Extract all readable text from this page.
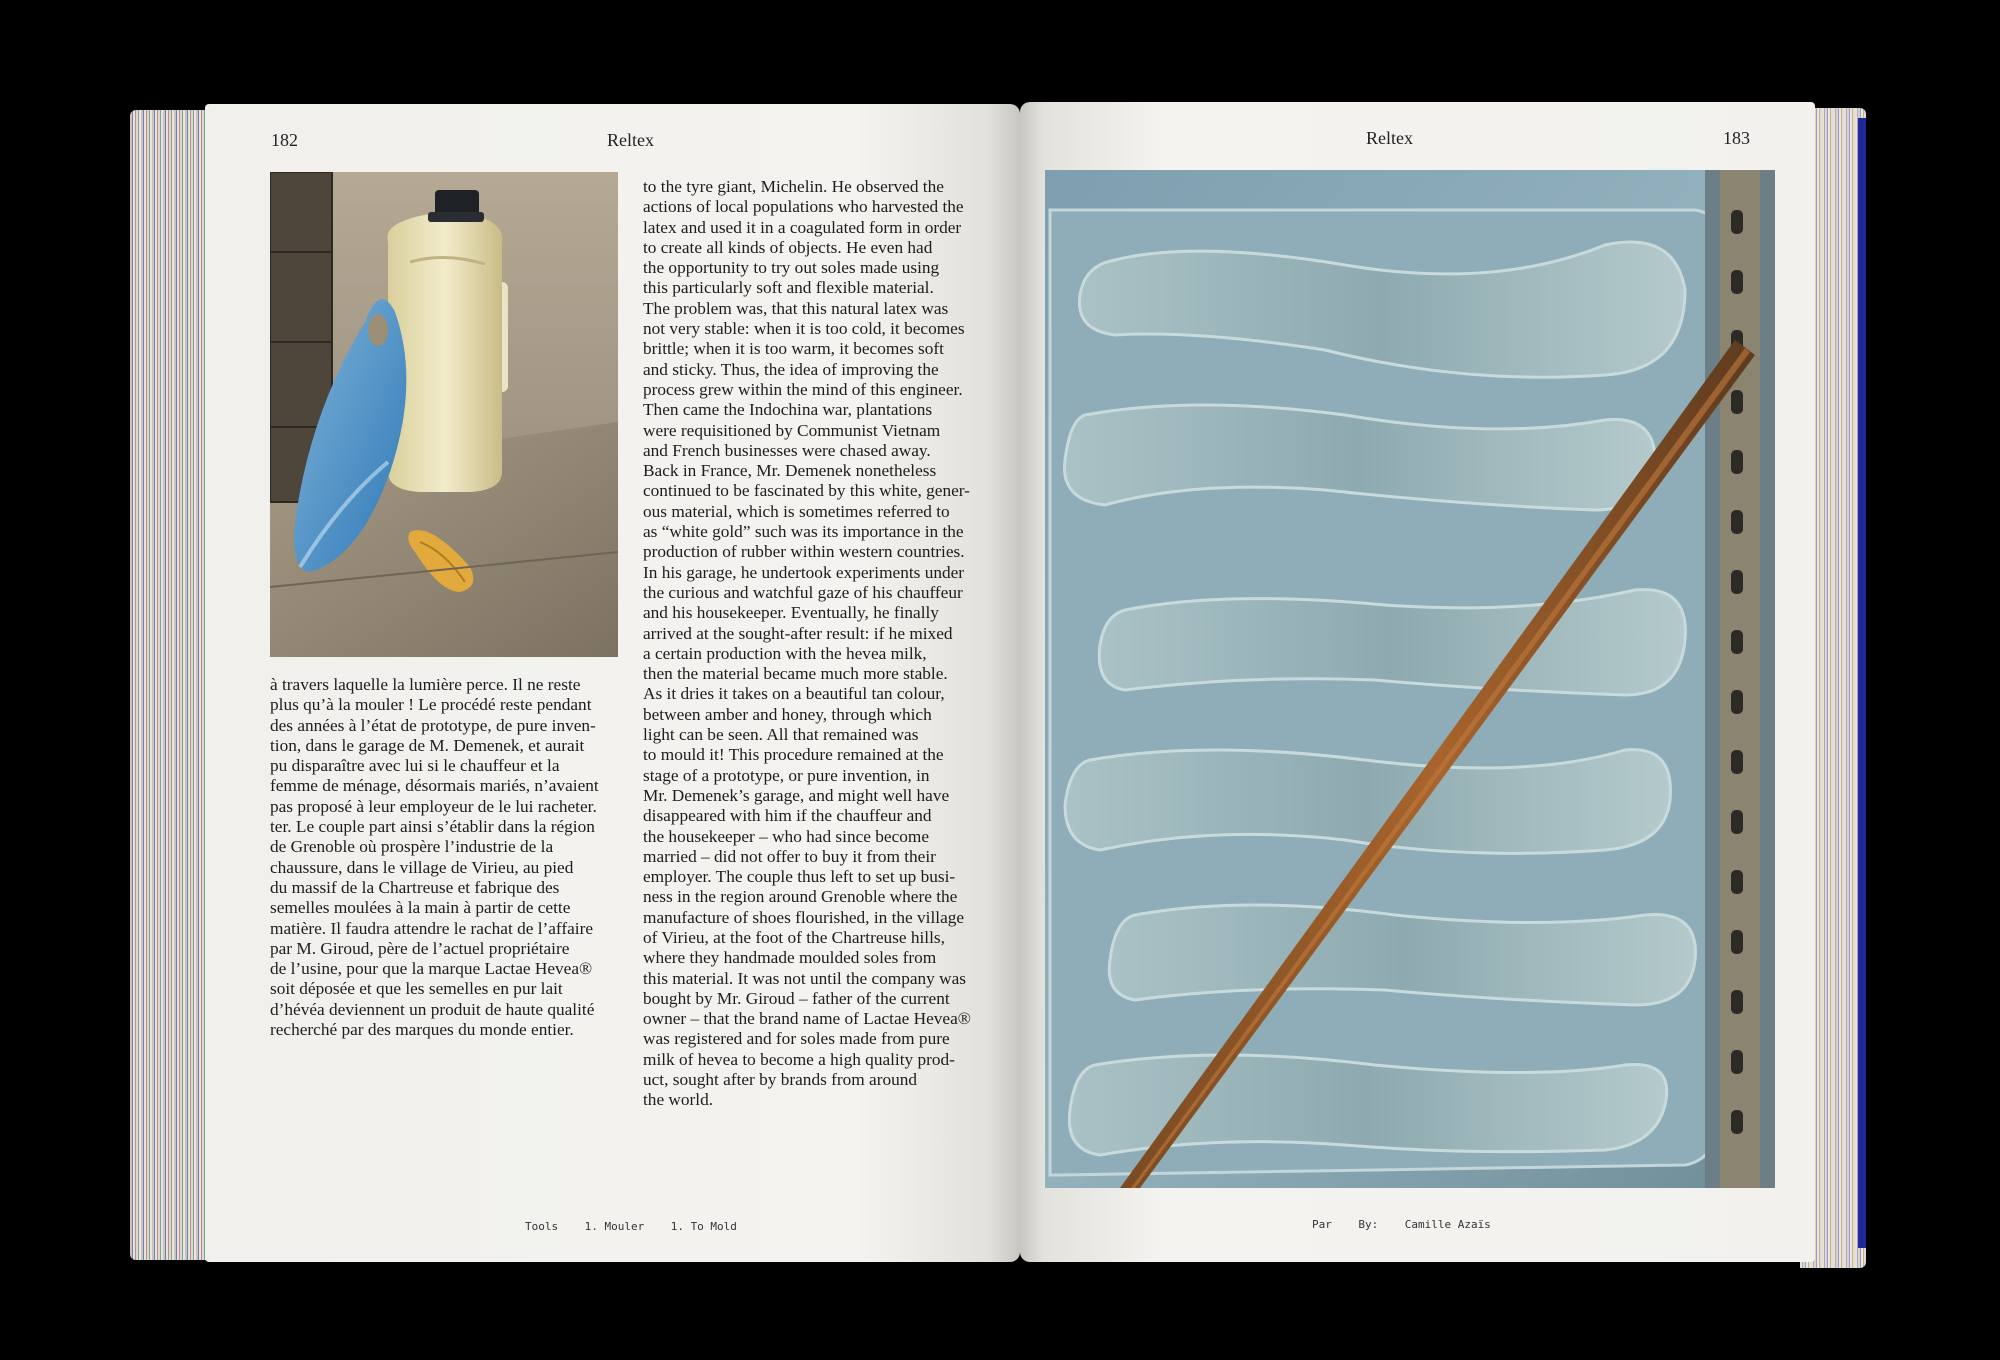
182	Reltex
à travers laquelle la lumière perce. Il ne reste
plus qu’à la mouler ! Le procédé reste pendant
des années à l’état de prototype, de pure inven-
tion, dans le garage de M. Demenek, et aurait
pu disparaître avec lui si le chauffeur et la
femme de ménage, désormais mariés, n’avaient
pas proposé à leur employeur de le lui racheter.
ter. Le couple part ainsi s’établir dans la région
de Grenoble où prospère l’industrie de la
chaussure, dans le village de Virieu, au pied
du massif de la Chartreuse et fabrique des
semelles moulées à la main à partir de cette
matière. Il faudra attendre le rachat de l’affaire
par M. Giroud, père de l’actuel propriétaire
de l’usine, pour que la marque Lactae Hevea®
soit déposée et que les semelles en pur lait
d’hévéa deviennent un produit de haute qualité
recherché par des marques du monde entier.
to the tyre giant, Michelin. He observed the
actions of local populations who harvested the
latex and used it in a coagulated form in order
to create all kinds of objects. He even had
the opportunity to try out soles made using
this particularly soft and flexible material.
The problem was, that this natural latex was
not very stable: when it is too cold, it becomes
brittle; when it is too warm, it becomes soft
and sticky. Thus, the idea of improving the
process grew within the mind of this engineer.
Then came the Indochina war, plantations
were requisitioned by Communist Vietnam
and French businesses were chased away.
Back in France, Mr. Demenek nonetheless
continued to be fascinated by this white, gener-
ous material, which is sometimes referred to
as “white gold” such was its importance in the
production of rubber within western countries.
In his garage, he undertook experiments under
the curious and watchful gaze of his chauffeur
and his housekeeper. Eventually, he finally
arrived at the sought-after result: if he mixed
a certain production with the hevea milk,
then the material became much more stable.
As it dries it takes on a beautiful tan colour,
between amber and honey, through which
light can be seen. All that remained was
to mould it! This procedure remained at the
stage of a prototype, or pure invention, in
Mr. Demenek’s garage, and might well have
disappeared with him if the chauffeur and
the housekeeper – who had since become
married – did not offer to buy it from their
employer. The couple thus left to set up busi-
ness in the region around Grenoble where the
manufacture of shoes flourished, in the village
of Virieu, at the foot of the Chartreuse hills,
where they handmade moulded soles from
this material. It was not until the company was
bought by Mr. Giroud – father of the current
owner – that the brand name of Lactae Hevea®
was registered and for soles made from pure
milk of hevea to become a high quality prod-
uct, sought after by brands from around
the world.
Tools    1. Mouler    1. To Mold
Reltex	183
Par    By:    Camille Azaïs
